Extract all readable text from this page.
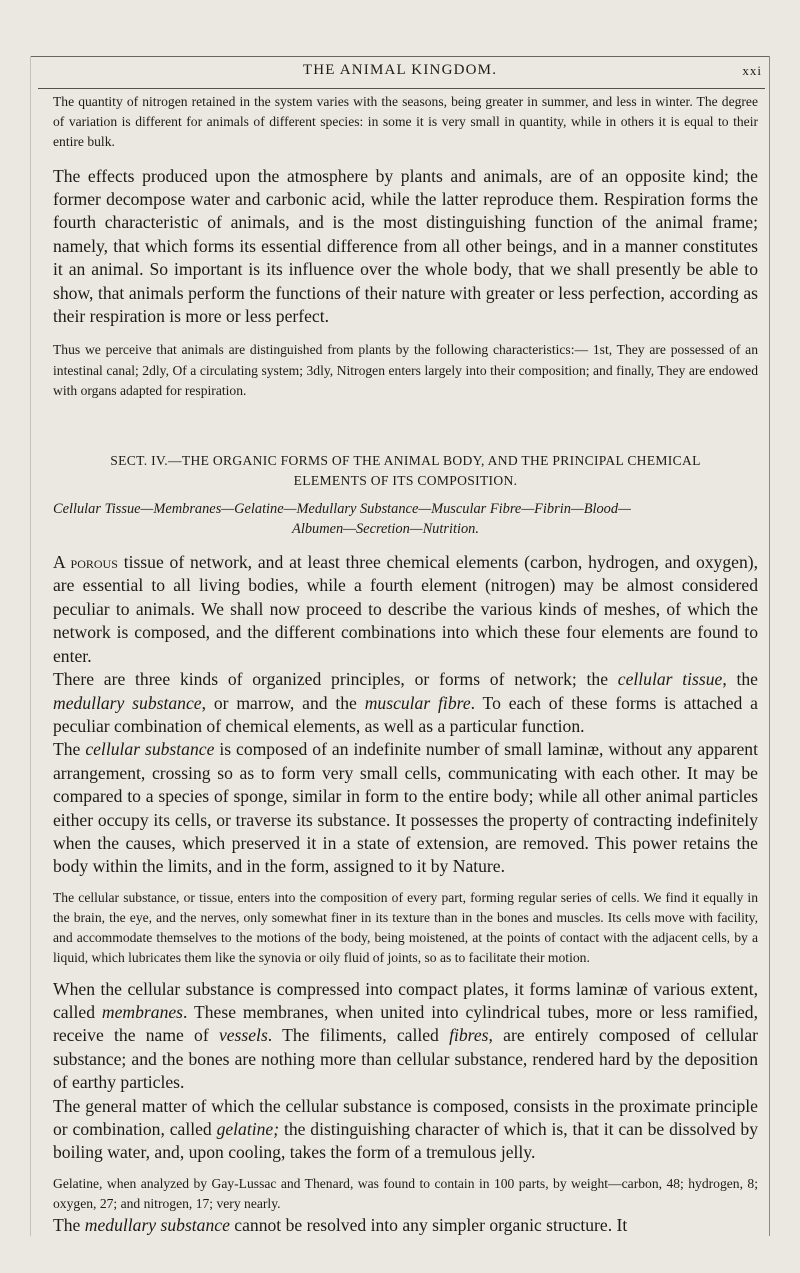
THE ANIMAL KINGDOM.	xxi

The quantity of nitrogen retained in the system varies with the seasons, being greater in summer, and less in winter. The degree of variation is different for animals of different species: in some it is very small in quantity, while in others it is equal to their entire bulk.

The effects produced upon the atmosphere by plants and animals, are of an opposite kind; the former decompose water and carbonic acid, while the latter reproduce them. Respiration forms the fourth characteristic of animals, and is the most distinguishing function of the animal frame; namely, that which forms its essential difference from all other beings, and in a manner constitutes it an animal. So important is its influence over the whole body, that we shall presently be able to show, that animals perform the functions of their nature with greater or less perfection, according as their respiration is more or less perfect.

Thus we perceive that animals are distinguished from plants by the following characteristics:— 1st, They are possessed of an intestinal canal; 2dly, Of a circulating system; 3dly, Nitrogen enters largely into their composition; and finally, They are endowed with organs adapted for respiration.

SECT. IV.—THE ORGANIC FORMS OF THE ANIMAL BODY, AND THE PRINCIPAL CHEMICAL
ELEMENTS OF ITS COMPOSITION.

Cellular Tissue—Membranes—Gelatine—Medullary Substance—Muscular Fibre—Fibrin—Blood—
Albumen—Secretion—Nutrition.

A porous tissue of network, and at least three chemical elements (carbon, hydrogen, and oxygen), are essential to all living bodies, while a fourth element (nitrogen) may be almost considered peculiar to animals. We shall now proceed to describe the various kinds of meshes, of which the network is composed, and the different combinations into which these four elements are found to enter.

There are three kinds of organized principles, or forms of network; the cellular tissue, the medullary substance, or marrow, and the muscular fibre. To each of these forms is attached a peculiar combination of chemical elements, as well as a particular function.

The cellular substance is composed of an indefinite number of small laminæ, without any apparent arrangement, crossing so as to form very small cells, communicating with each other. It may be compared to a species of sponge, similar in form to the entire body; while all other animal particles either occupy its cells, or traverse its substance. It possesses the property of contracting indefinitely when the causes, which preserved it in a state of extension, are removed. This power retains the body within the limits, and in the form, assigned to it by Nature.

The cellular substance, or tissue, enters into the composition of every part, forming regular series of cells. We find it equally in the brain, the eye, and the nerves, only somewhat finer in its texture than in the bones and muscles. Its cells move with facility, and accommodate themselves to the motions of the body, being moistened, at the points of contact with the adjacent cells, by a liquid, which lubricates them like the synovia or oily fluid of joints, so as to facilitate their motion.

When the cellular substance is compressed into compact plates, it forms laminæ of various extent, called membranes. These membranes, when united into cylindrical tubes, more or less ramified, receive the name of vessels. The filiments, called fibres, are entirely composed of cellular substance; and the bones are nothing more than cellular substance, rendered hard by the deposition of earthy particles.

The general matter of which the cellular substance is composed, consists in the proximate principle or combination, called gelatine; the distinguishing character of which is, that it can be dissolved by boiling water, and, upon cooling, takes the form of a tremulous jelly.

Gelatine, when analyzed by Gay-Lussac and Thenard, was found to contain in 100 parts, by weight—carbon, 48; hydrogen, 8; oxygen, 27; and nitrogen, 17; very nearly.

The medullary substance cannot be resolved into any simpler organic structure. It
